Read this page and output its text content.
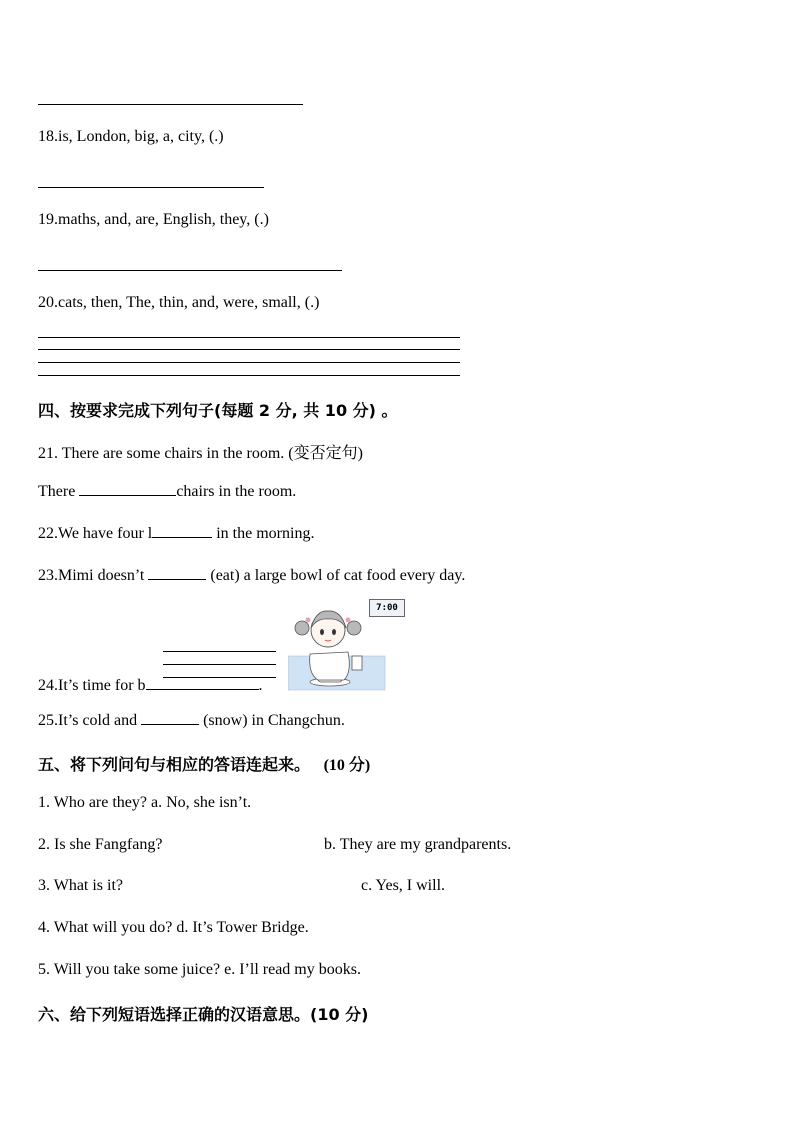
18.is, London, big, a, city, (.)
19.maths, and, are, English, they, (.)
20.cats, then, The, thin, and, were, small, (.)
四、按要求完成下列句子(每题 2 分, 共 10 分) 。
21. There are some chairs in the room. (变否定句)
There	chairs in the room.
22.We have four l	in the morning.
23.Mimi doesn’t	(eat) a large bowl of cat food every day.
24.It’s time for b	.
7:00
25.It’s cold and	(snow) in Changchun.
五、将下列问句与相应的答语连起来。 (10 分)
1. Who are they? a. No, she isn’t.
2. Is she Fangfang?	b. They are my grandparents.
3. What is it?	c. Yes, I will.
4. What will you do? d. It’s Tower Bridge.
5. Will you take some juice? e. I’ll read my books.
六、给下列短语选择正确的汉语意思。(10 分)
